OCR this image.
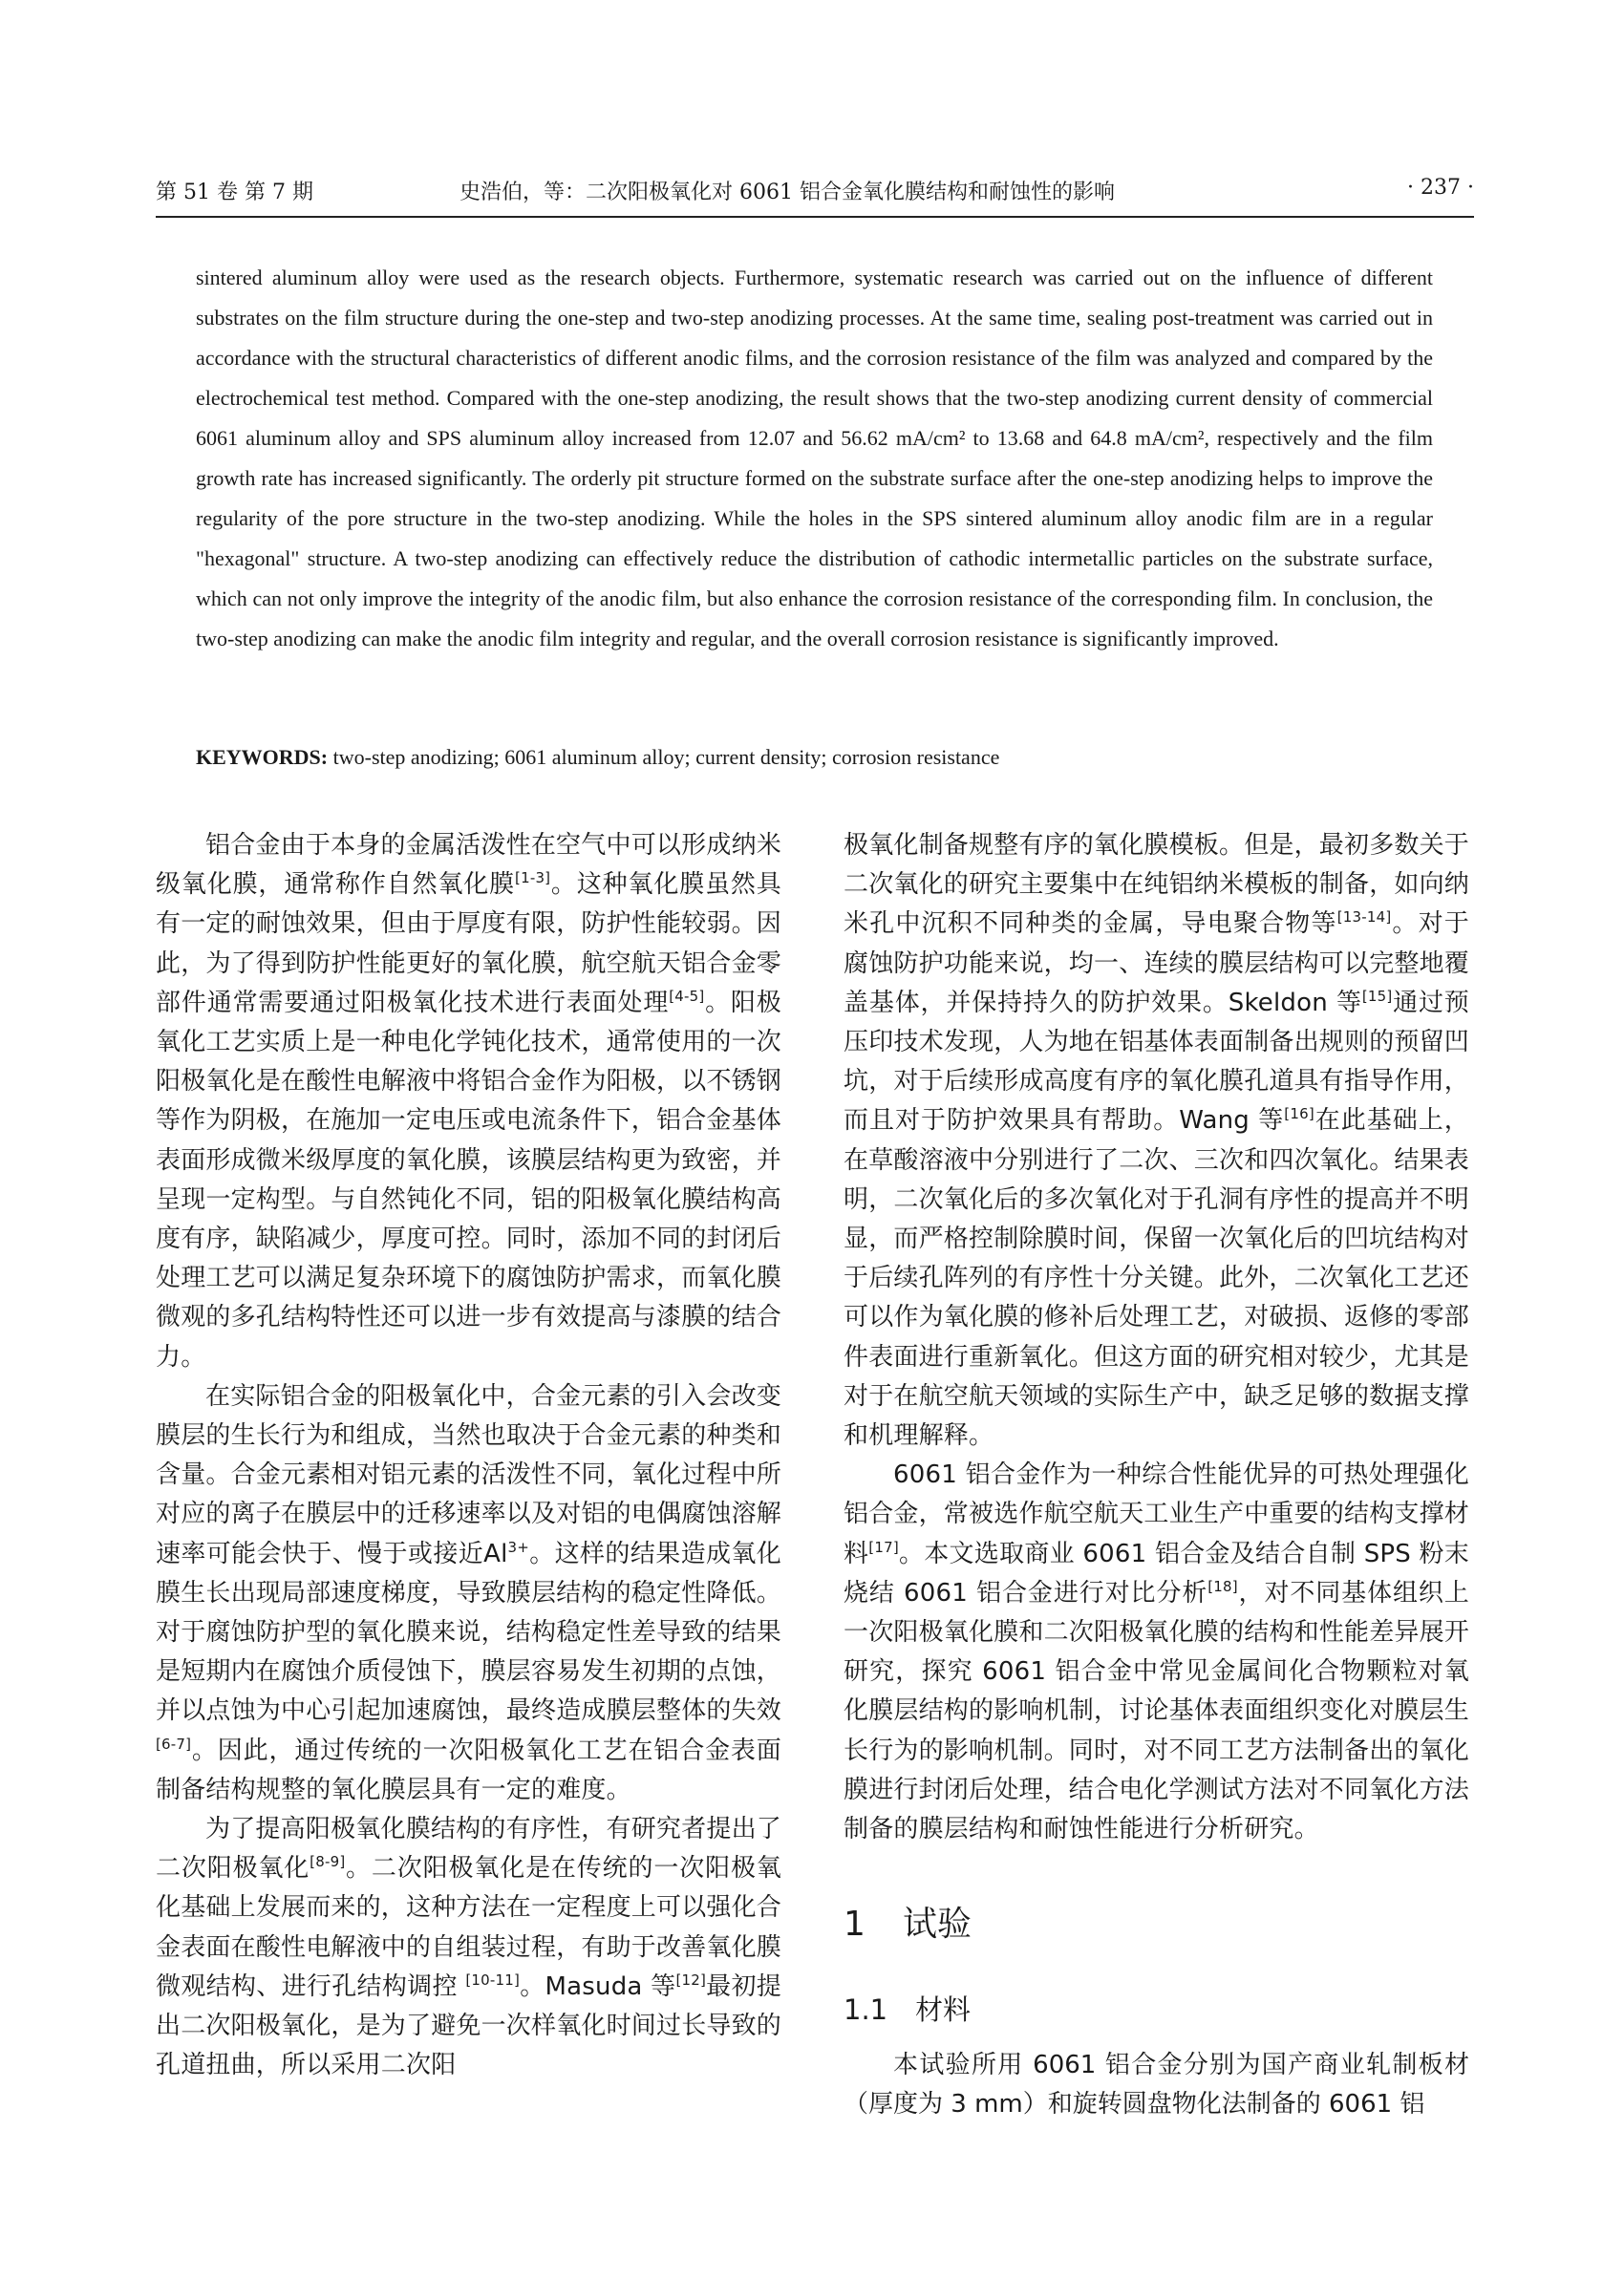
第 51 卷 第 7 期	史浩伯，等：二次阳极氧化对 6061 铝合金氧化膜结构和耐蚀性的影响	· 237 ·

sintered aluminum alloy were used as the research objects. Furthermore, systematic research was carried out on the influence of different substrates on the film structure during the one-step and two-step anodizing processes. At the same time, sealing post-treatment was carried out in accordance with the structural characteristics of different anodic films, and the corrosion resistance of the film was analyzed and compared by the electrochemical test method. Compared with the one-step anodizing, the result shows that the two-step anodizing current density of commercial 6061 aluminum alloy and SPS aluminum alloy increased from 12.07 and 56.62 mA/cm² to 13.68 and 64.8 mA/cm², respectively and the film growth rate has increased significantly. The orderly pit structure formed on the substrate surface after the one-step anodizing helps to improve the regularity of the pore structure in the two-step anodizing. While the holes in the SPS sintered aluminum alloy anodic film are in a regular "hexagonal" structure. A two-step anodizing can effectively reduce the distribution of cathodic intermetallic particles on the substrate surface, which can not only improve the integrity of the anodic film, but also enhance the corrosion resistance of the corresponding film. In conclusion, the two-step anodizing can make the anodic film integrity and regular, and the overall corrosion resistance is significantly improved.

KEYWORDS: two-step anodizing; 6061 aluminum alloy; current density; corrosion resistance

铝合金由于本身的金属活泼性在空气中可以形成纳米级氧化膜，通常称作自然氧化膜[1-3]。这种氧化膜虽然具有一定的耐蚀效果，但由于厚度有限，防护性能较弱。因此，为了得到防护性能更好的氧化膜，航空航天铝合金零部件通常需要通过阳极氧化技术进行表面处理[4-5]。阳极氧化工艺实质上是一种电化学钝化技术，通常使用的一次阳极氧化是在酸性电解液中将铝合金作为阳极，以不锈钢等作为阴极，在施加一定电压或电流条件下，铝合金基体表面形成微米级厚度的氧化膜，该膜层结构更为致密，并呈现一定构型。与自然钝化不同，铝的阳极氧化膜结构高度有序，缺陷减少，厚度可控。同时，添加不同的封闭后处理工艺可以满足复杂环境下的腐蚀防护需求，而氧化膜微观的多孔结构特性还可以进一步有效提高与漆膜的结合力。

在实际铝合金的阳极氧化中，合金元素的引入会改变膜层的生长行为和组成，当然也取决于合金元素的种类和含量。合金元素相对铝元素的活泼性不同，氧化过程中所对应的离子在膜层中的迁移速率以及对铝的电偶腐蚀溶解速率可能会快于、慢于或接近$Al^{3+}$。这样的结果造成氧化膜生长出现局部速度梯度，导致膜层结构的稳定性降低。对于腐蚀防护型的氧化膜来说，结构稳定性差导致的结果是短期内在腐蚀介质侵蚀下，膜层容易发生初期的点蚀，并以点蚀为中心引起加速腐蚀，最终造成膜层整体的失效[6-7]。因此，通过传统的一次阳极氧化工艺在铝合金表面制备结构规整的氧化膜层具有一定的难度。

为了提高阳极氧化膜结构的有序性，有研究者提出了二次阳极氧化[8-9]。二次阳极氧化是在传统的一次阳极氧化基础上发展而来的，这种方法在一定程度上可以强化合金表面在酸性电解液中的自组装过程，有助于改善氧化膜微观结构、进行孔结构调控 [10-11]。Masuda 等[12]最初提出二次阳极氧化，是为了避免一次样氧化时间过长导致的孔道扭曲，所以采用二次阳

极氧化制备规整有序的氧化膜模板。但是，最初多数关于二次氧化的研究主要集中在纯铝纳米模板的制备，如向纳米孔中沉积不同种类的金属，导电聚合物等[13-14]。对于腐蚀防护功能来说，均一、连续的膜层结构可以完整地覆盖基体，并保持持久的防护效果。Skeldon 等[15]通过预压印技术发现，人为地在铝基体表面制备出规则的预留凹坑，对于后续形成高度有序的氧化膜孔道具有指导作用，而且对于防护效果具有帮助。Wang 等[16]在此基础上，在草酸溶液中分别进行了二次、三次和四次氧化。结果表明，二次氧化后的多次氧化对于孔洞有序性的提高并不明显，而严格控制除膜时间，保留一次氧化后的凹坑结构对于后续孔阵列的有序性十分关键。此外，二次氧化工艺还可以作为氧化膜的修补后处理工艺，对破损、返修的零部件表面进行重新氧化。但这方面的研究相对较少，尤其是对于在航空航天领域的实际生产中，缺乏足够的数据支撑和机理解释。

6061 铝合金作为一种综合性能优异的可热处理强化铝合金，常被选作航空航天工业生产中重要的结构支撑材料[17]。本文选取商业 6061 铝合金及结合自制 SPS 粉末烧结 6061 铝合金进行对比分析[18]，对不同基体组织上一次阳极氧化膜和二次阳极氧化膜的结构和性能差异展开研究，探究 6061 铝合金中常见金属间化合物颗粒对氧化膜层结构的影响机制，讨论基体表面组织变化对膜层生长行为的影响机制。同时，对不同工艺方法制备出的氧化膜进行封闭后处理，结合电化学测试方法对不同氧化方法制备的膜层结构和耐蚀性能进行分析研究。

1 试验
1.1 材料

本试验所用 6061 铝合金分别为国产商业轧制板材（厚度为 3 mm）和旋转圆盘物化法制备的 6061 铝
